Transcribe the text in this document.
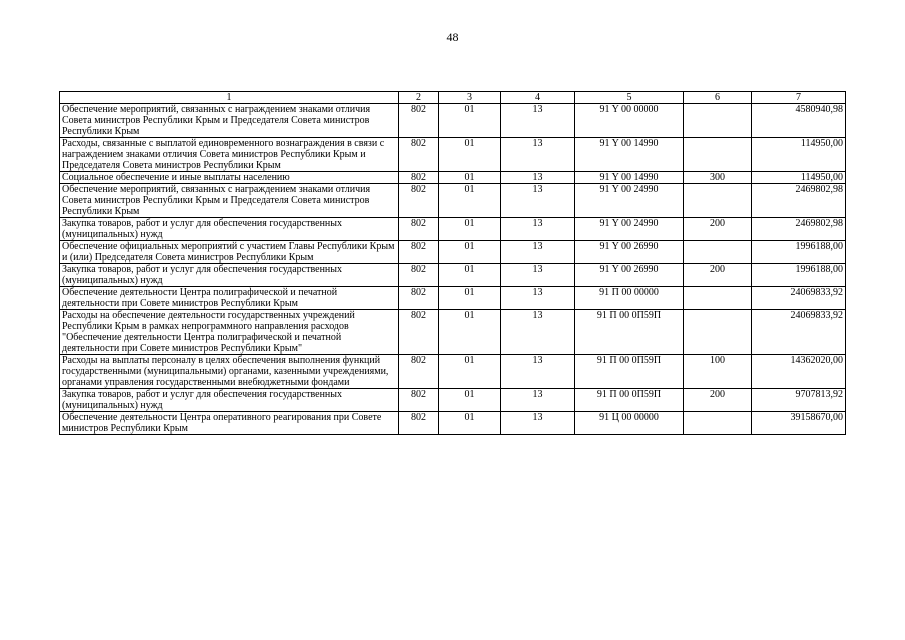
48
1	2	3	4	5	6	7
Обеспечение мероприятий, связанных с награждением знаками отличия Совета министров Республики Крым и Председателя Совета министров Республики Крым	802	01	13	91 Y 00 00000		4580940,98
Расходы, связанные с выплатой единовременного вознаграждения в связи с награждением знаками отличия Совета министров Республики Крым и Председателя Совета министров Республики Крым	802	01	13	91 Y 00 14990		114950,00
Социальное обеспечение и иные выплаты населению	802	01	13	91 Y 00 14990	300	114950,00
Обеспечение мероприятий, связанных с награждением знаками отличия Совета министров Республики Крым и Председателя Совета министров Республики Крым	802	01	13	91 Y 00 24990		2469802,98
Закупка товаров, работ и услуг для обеспечения государственных (муниципальных) нужд	802	01	13	91 Y 00 24990	200	2469802,98
Обеспечение официальных мероприятий с участием Главы Республики Крым и (или) Председателя Совета министров Республики Крым	802	01	13	91 Y 00 26990		1996188,00
Закупка товаров, работ и услуг для обеспечения государственных (муниципальных) нужд	802	01	13	91 Y 00 26990	200	1996188,00
Обеспечение деятельности Центра полиграфической и печатной деятельности при Совете министров Республики Крым	802	01	13	91 П 00 00000		24069833,92
Расходы на обеспечение деятельности государственных учреждений Республики Крым в рамках непрограммного направления расходов "Обеспечение деятельности Центра полиграфической и печатной деятельности при Совете министров Республики Крым"	802	01	13	91 П 00 0П59П		24069833,92
Расходы на выплаты персоналу в целях обеспечения выполнения функций государственными (муниципальными) органами, казенными учреждениями, органами управления государственными внебюджетными фондами	802	01	13	91 П 00 0П59П	100	14362020,00
Закупка товаров, работ и услуг для обеспечения государственных (муниципальных) нужд	802	01	13	91 П 00 0П59П	200	9707813,92
Обеспечение деятельности Центра оперативного реагирования при Совете министров Республики Крым	802	01	13	91 Ц 00 00000		39158670,00
